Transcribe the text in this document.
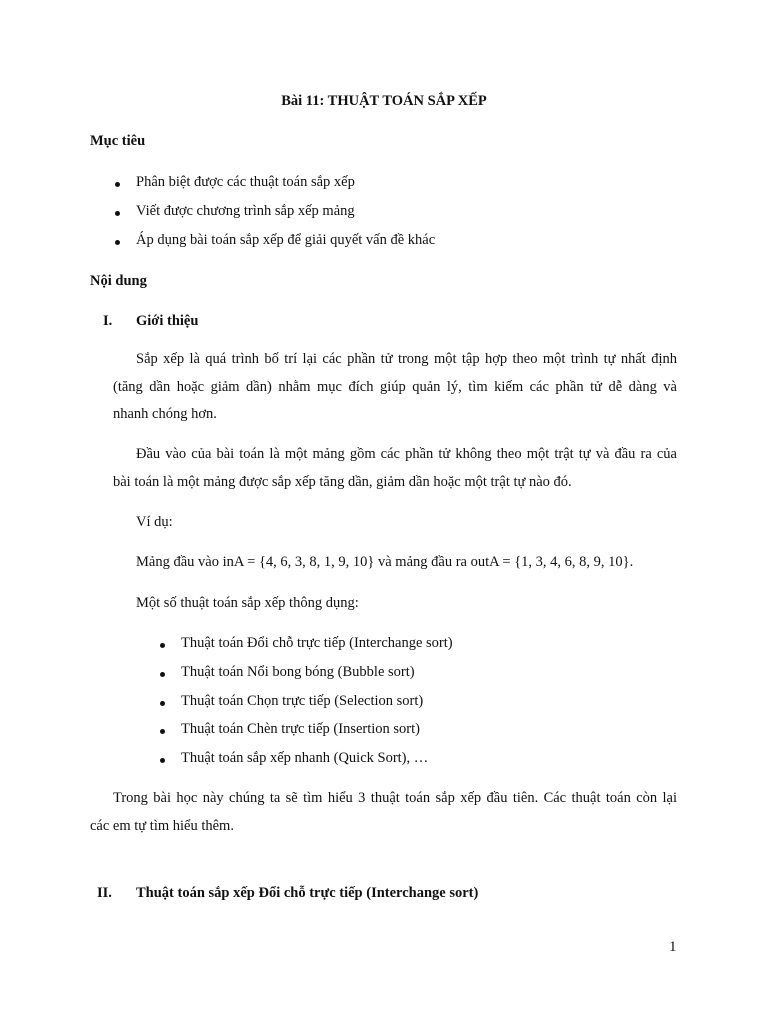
Bài 11: THUẬT TOÁN SẮP XẾP
Mục tiêu
Phân biệt được các thuật toán sắp xếp
Viết được chương trình sắp xếp mảng
Áp dụng bài toán sắp xếp để giải quyết vấn đề khác
Nội dung
I. Giới thiệu
Sắp xếp là quá trình bố trí lại các phần tử trong một tập hợp theo một trình tự nhất định
(tăng dần hoặc giảm dần) nhằm mục đích giúp quản lý, tìm kiếm các phần tử dễ dàng và
nhanh chóng hơn.
Đầu vào của bài toán là một mảng gồm các phần tử không theo một trật tự và đầu ra của
bài toán là một mảng được sắp xếp tăng dần, giảm dần hoặc một trật tự nào đó.
Ví dụ:
Mảng đầu vào inA = {4, 6, 3, 8, 1, 9, 10} và mảng đầu ra outA = {1, 3, 4, 6, 8, 9, 10}.
Một số thuật toán sắp xếp thông dụng:
Thuật toán Đổi chỗ trực tiếp (Interchange sort)
Thuật toán Nổi bong bóng (Bubble sort)
Thuật toán Chọn trực tiếp (Selection sort)
Thuật toán Chèn trực tiếp (Insertion sort)
Thuật toán sắp xếp nhanh (Quick Sort), …
Trong bài học này chúng ta sẽ tìm hiểu 3 thuật toán sắp xếp đầu tiên. Các thuật toán còn lại
các em tự tìm hiểu thêm.
II. Thuật toán sắp xếp Đổi chỗ trực tiếp (Interchange sort)
1
